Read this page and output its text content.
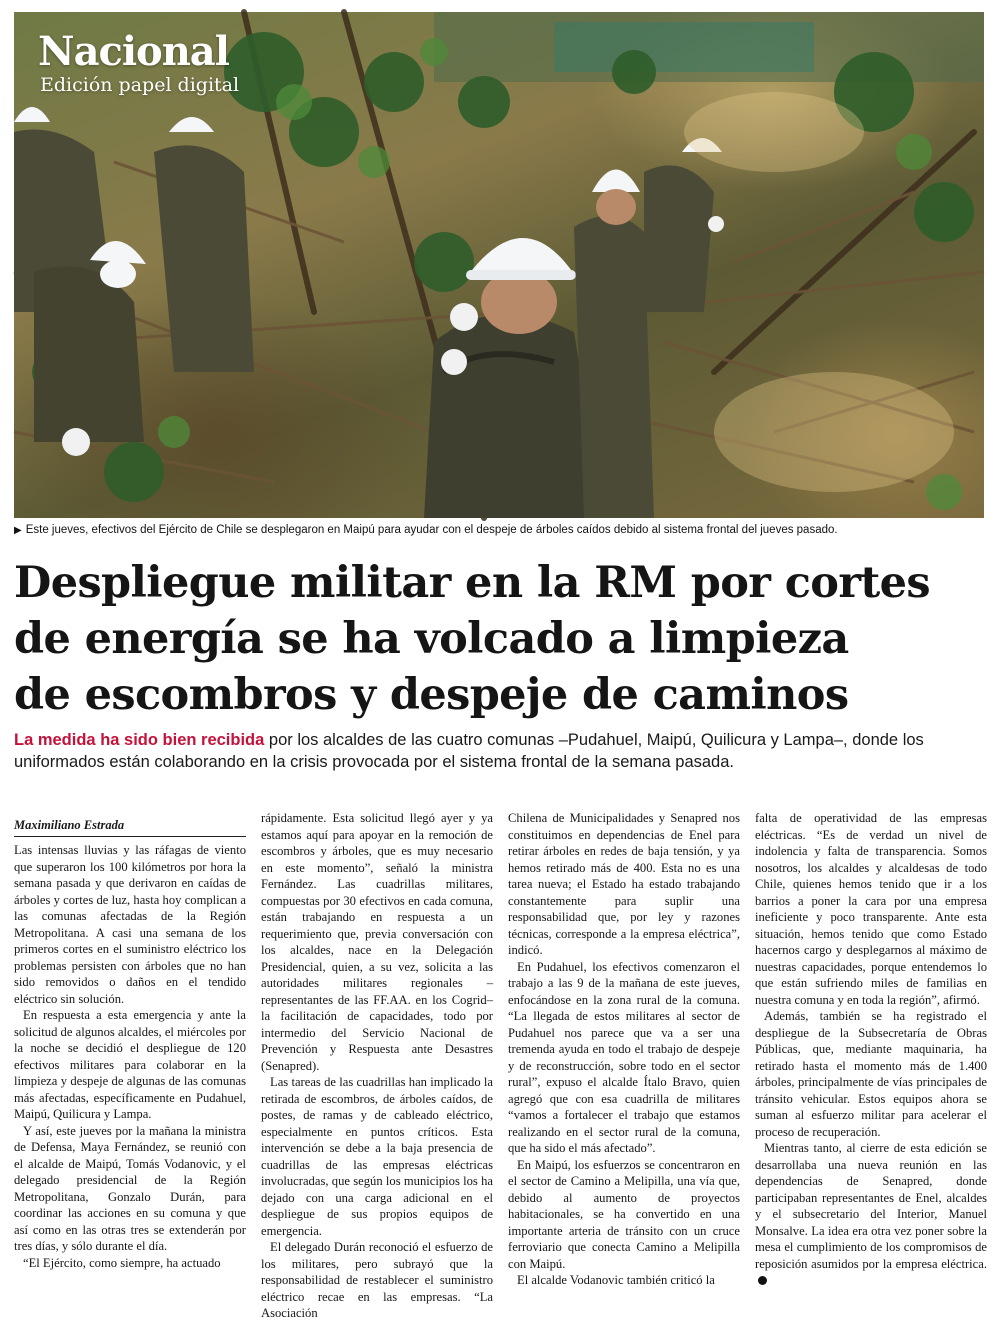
Nacional
Edición papel digital
▶ Este jueves, efectivos del Ejército de Chile se desplegaron en Maipú para ayudar con el despeje de árboles caídos debido al sistema frontal del jueves pasado.
Despliegue militar en la RM por cortes
de energía se ha volcado a limpieza
de escombros y despeje de caminos

La medida ha sido bien recibida por los alcaldes de las cuatro comunas –Pudahuel, Maipú, Quilicura y Lampa–, donde los uniformados están colaborando en la crisis provocada por el sistema frontal de la semana pasada.

Maximiliano Estrada

Las intensas lluvias y las ráfagas de viento que superaron los 100 kilómetros por hora la semana pasada y que derivaron en caídas de árboles y cortes de luz, hasta hoy complican a las comunas afectadas de la Región Metropolitana. A casi una semana de los primeros cortes en el suministro eléctrico los problemas persisten con árboles que no han sido removidos o daños en el tendido eléctrico sin solución.

En respuesta a esta emergencia y ante la solicitud de algunos alcaldes, el miércoles por la noche se decidió el despliegue de 120 efectivos militares para colaborar en la limpieza y despeje de algunas de las comunas más afectadas, específicamente en Pudahuel, Maipú, Quilicura y Lampa.

Y así, este jueves por la mañana la ministra de Defensa, Maya Fernández, se reunió con el alcalde de Maipú, Tomás Vodanovic, y el delegado presidencial de la Región Metropolitana, Gonzalo Durán, para coordinar las acciones en su comuna y que así como en las otras tres se extenderán por tres días, y sólo durante el día.

“El Ejército, como siempre, ha actuado

rápidamente. Esta solicitud llegó ayer y ya estamos aquí para apoyar en la remoción de escombros y árboles, que es muy necesario en este momento”, señaló la ministra Fernández. Las cuadrillas militares, compuestas por 30 efectivos en cada comuna, están trabajando en respuesta a un requerimiento que, previa conversación con los alcaldes, nace en la Delegación Presidencial, quien, a su vez, solicita a las autoridades militares regionales –representantes de las FF.AA. en los Cogrid– la facilitación de capacidades, todo por intermedio del Servicio Nacional de Prevención y Respuesta ante Desastres (Senapred).

Las tareas de las cuadrillas han implicado la retirada de escombros, de árboles caídos, de postes, de ramas y de cableado eléctrico, especialmente en puntos críticos. Esta intervención se debe a la baja presencia de cuadrillas de las empresas eléctricas involucradas, que según los municipios los ha dejado con una carga adicional en el despliegue de sus propios equipos de emergencia.

El delegado Durán reconoció el esfuerzo de los militares, pero subrayó que la responsabilidad de restablecer el suministro eléctrico recae en las empresas. “La Asociación

Chilena de Municipalidades y Senapred nos constituimos en dependencias de Enel para retirar árboles en redes de baja tensión, y ya hemos retirado más de 400. Esta no es una tarea nueva; el Estado ha estado trabajando constantemente para suplir una responsabilidad que, por ley y razones técnicas, corresponde a la empresa eléctrica”, indicó.

En Pudahuel, los efectivos comenzaron el trabajo a las 9 de la mañana de este jueves, enfocándose en la zona rural de la comuna. “La llegada de estos militares al sector de Pudahuel nos parece que va a ser una tremenda ayuda en todo el trabajo de despeje y de reconstrucción, sobre todo en el sector rural”, expuso el alcalde Ítalo Bravo, quien agregó que con esa cuadrilla de militares “vamos a fortalecer el trabajo que estamos realizando en el sector rural de la comuna, que ha sido el más afectado”.

En Maipú, los esfuerzos se concentraron en el sector de Camino a Melipilla, una vía que, debido al aumento de proyectos habitacionales, se ha convertido en una importante arteria de tránsito con un cruce ferroviario que conecta Camino a Melipilla con Maipú.

El alcalde Vodanovic también criticó la

falta de operatividad de las empresas eléctricas. “Es de verdad un nivel de indolencia y falta de transparencia. Somos nosotros, los alcaldes y alcaldesas de todo Chile, quienes hemos tenido que ir a los barrios a poner la cara por una empresa ineficiente y poco transparente. Ante esta situación, hemos tenido que como Estado hacernos cargo y desplegarnos al máximo de nuestras capacidades, porque entendemos lo que están sufriendo miles de familias en nuestra comuna y en toda la región”, afirmó.

Además, también se ha registrado el despliegue de la Subsecretaría de Obras Públicas, que, mediante maquinaria, ha retirado hasta el momento más de 1.400 árboles, principalmente de vías principales de tránsito vehicular. Estos equipos ahora se suman al esfuerzo militar para acelerar el proceso de recuperación.

Mientras tanto, al cierre de esta edición se desarrollaba una nueva reunión en las dependencias de Senapred, donde participaban representantes de Enel, alcaldes y el subsecretario del Interior, Manuel Monsalve. La idea era otra vez poner sobre la mesa el cumplimiento de los compromisos de reposición asumidos por la empresa eléctrica.
